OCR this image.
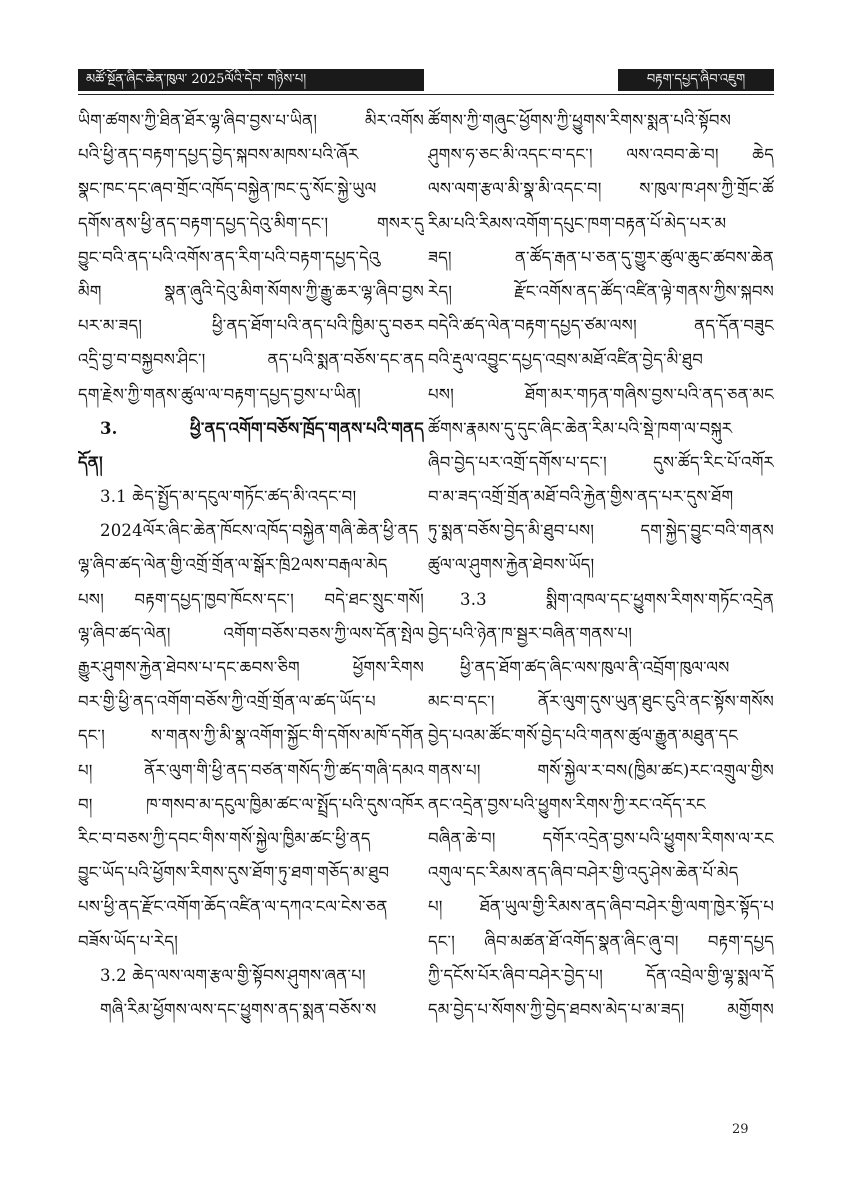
མཚོ་སྔོན་ཞིང་ཆེན་ཁུལ་ 2025ལོའི་དེབ་ གཉིས་པ།	བརྟག་དཔྱད་ཞིབ་འཇུག
ཡིག་ཚགས་ཀྱི་ཐིན་ཐོར་ལྷ་ཞིབ་བྱས་པ་ཡིན། མིར་འགོས
པའི་ཕྱི་ནད་བརྟག་དཔྱད་བྱེད་སྐབས་མཁས་པའི་ཞོར
སྣང་ཁང་དང་ཞབ་གྲོང་འཁོད་བསྐྱེན་ཁང་དུ་སོང་སྐྱེ་ཡུལ
དགོས་ནས་ཕྱི་ནད་བརྟག་དཔྱད་དེའུ་མིག་དང་། གསར་དུ
བྱུང་བའི་ནད་པའི་འགོས་ནད་རིག་པའི་བརྟག་དཔྱད་དེའུ
མིག སྣན་ཞུའི་དེའུ་མིག་སོགས་ཀྱི་རྒྱུ་ཆར་ལྷ་ཞིབ་བྱས
པར་མ་ཟད། ཕྱི་ནད་ཐོག་པའི་ནད་པའི་ཁྱིམ་དུ་བཅར
འདྲི་བྱ་བ་བསྐྱབས་ཤིང་། ནད་པའི་སྨན་བཅོས་དང་ནད
དག་རྗེས་ཀྱི་གནས་ཚུལ་ལ་བརྟག་དཔྱད་བྱས་པ་ཡིན།
3. ཕྱི་ནད་འགོག་བཅོས་ཁྲོད་གནས་པའི་གནད
དོན།
3.1 ཆེད་སྤྱོད་མ་དངུལ་གཏོང་ཚད་མི་འདང་བ།
2024ལོར་ཞིང་ཆེན་ཁོངས་འཁོད་བསྐྱེན་གཞི་ཆེན་ཕྱི་ནད
ལྷ་ཞིབ་ཚད་ལེན་གྱི་འགྲོ་གྲོན་ལ་སྒོར་ཁྲི2ལས་བརྒལ་མེད
པས། བརྟག་དཔྱད་ཁྱབ་ཁོངས་དང་། བདེ་ཐང་སྲུང་གསོ།
ལྷ་ཞིབ་ཚད་ལེན། འགོག་བཅོས་བཅས་ཀྱི་ལས་དོན་སྤེལ
རྒྱུར་ཤུགས་རྐྱེན་ཐེབས་པ་དང་ཆབས་ཅིག ཕྱོགས་རིགས
བར་གྱི་ཕྱི་ནད་འགོག་བཅོས་ཀྱི་འགྲོ་གྲོན་ལ་ཚད་ཡོད་པ
དང་། ས་གནས་ཀྱི་མི་སྣ་འགོག་སྐྱོང་གི་དགོས་མཁོ་དགོན
པ། ནོར་ལུག་གི་ཕྱི་ནད་བཙན་གསོད་ཀྱི་ཚད་གཞི་དམའ
བ། ཁ་གསབ་མ་དངུལ་ཁྱིམ་ཚང་ལ་སྤྲོད་པའི་དུས་འཁོར
རིང་བ་བཅས་ཀྱི་དབང་གིས་གསོ་སྐྱེལ་ཁྱིམ་ཚང་ཕྱི་ནད
བྱུང་ཡོད་པའི་ཕྱོགས་རིགས་དུས་ཐོག་ཏུ་ཐག་གཅོད་མ་ཐུབ
པས་ཕྱི་ནད་རྫོང་འགོག་ཆོད་འཛིན་ལ་དཀའ་ངལ་ངེས་ཅན
བཟོས་ཡོད་པ་རེད།
3.2 ཆེད་ལས་ལག་རྩལ་གྱི་སྟོབས་ཤུགས་ཞན་པ།
གཞི་རིམ་ཕྱོགས་ལས་དང་ཕྱུགས་ནད་སྨན་བཅོས་ས
ཚོགས་ཀྱི་གཞུང་ཕྱོགས་ཀྱི་ཕྱུགས་རིགས་སྨན་པའི་སྟོབས
ཤུགས་ཧ་ཅང་མི་འདང་བ་དང་། ལས་འབབ་ཆེ་བ། ཆེད
ལས་ལག་རྩལ་མི་སྣ་མི་འདང་བ། ས་ཁུལ་ཁ་ཤས་ཀྱི་གྲོང་ཚོ
རིམ་པའི་རིམས་འགོག་དཔུང་ཁག་བརྟན་པོ་མེད་པར་མ
ཟད། ན་ཚོད་རྒན་པ་ཅན་དུ་གྱུར་ཚུལ་ཆུང་ཚབས་ཆེན
རེད། རྫོང་འགོས་ནད་ཚོད་འཛིན་ལྟེ་གནས་ཀྱིས་སྐབས
བདེའི་ཚད་ལེན་བརྟག་དཔྱད་ཙམ་ལས། ནད་དོན་བཟུང
བའི་རྡུལ་འབྱུང་དཔྱད་འབྲས་མཐོ་འཛིན་བྱེད་མི་ཐུབ
པས། ཐོག་མར་གཏན་གཞིས་བྱས་པའི་ནད་ཅན་མང
ཚོགས་རྣམས་དུ་དུང་ཞིང་ཆེན་རིམ་པའི་སྡེ་ཁག་ལ་བསྐུར
ཞིབ་བྱེད་པར་འགྲོ་དགོས་པ་དང་། དུས་ཚོད་རིང་པོ་འགོར
བ་མ་ཟད་འགྲོ་གྲོན་མཐོ་བའི་རྐྱེན་གྱིས་ནད་པར་དུས་ཐོག
ཏུ་སྨན་བཅོས་བྱེད་མི་ཐུབ་པས། དག་སྐྱེད་བྱུང་བའི་གནས
ཚུལ་ལ་ཤུགས་རྐྱེན་ཐེབས་ཡོད།
3.3 སྨིག་འཁལ་དང་ཕྱུགས་རིགས་གཏོང་འདྲེན
བྱེད་པའི་ཉེན་ཁ་སྦྱར་བཞིན་གནས་པ།
ཕྱི་ནད་ཐོག་ཚད་ཞིང་ལས་ཁུལ་ནི་འབྲོག་ཁུལ་ལས
མང་བ་དང་། ནོར་ལུག་དུས་ཡུན་ཐུང་ངུའི་ནང་སྟོས་གསོས
བྱེད་པའམ་ཚོང་གསོ་བྱེད་པའི་གནས་ཚུལ་རྒྱུན་མཐུན་དང
གནས་པ། གསོ་སྐྱེལ་ར་བས(ཁྱིམ་ཚང)རང་འགྲུལ་གྱིས
ནང་འདྲེན་བྱས་པའི་ཕྱུགས་རིགས་ཀྱི་རང་འདོད་རང
བཞིན་ཆེ་བ། དགོར་འདྲེན་བྱས་པའི་ཕྱུགས་རིགས་ལ་རང
འགུལ་དང་རིམས་ནད་ཞིབ་བཤེར་གྱི་འདུ་ཤེས་ཆེན་པོ་མེད
པ། ཐོན་ཡུལ་གྱི་རིམས་ནད་ཞིབ་བཤེར་གྱི་ལག་ཁྱེར་སྟོད་པ
དང་། ཞིབ་མཚན་ཐོ་འགོད་སྣན་ཞིང་ཞུ་བ། བརྟག་དཔྱད
ཀྱི་དངོས་པོར་ཞིབ་བཤེར་བྱེད་པ། དོན་འབྲེལ་གྱི་ལྷ་སྨལ་དོ
དམ་བྱེད་པ་སོགས་ཀྱི་བྱེད་ཐབས་མེད་པ་མ་ཟད། མགྱོགས
29
